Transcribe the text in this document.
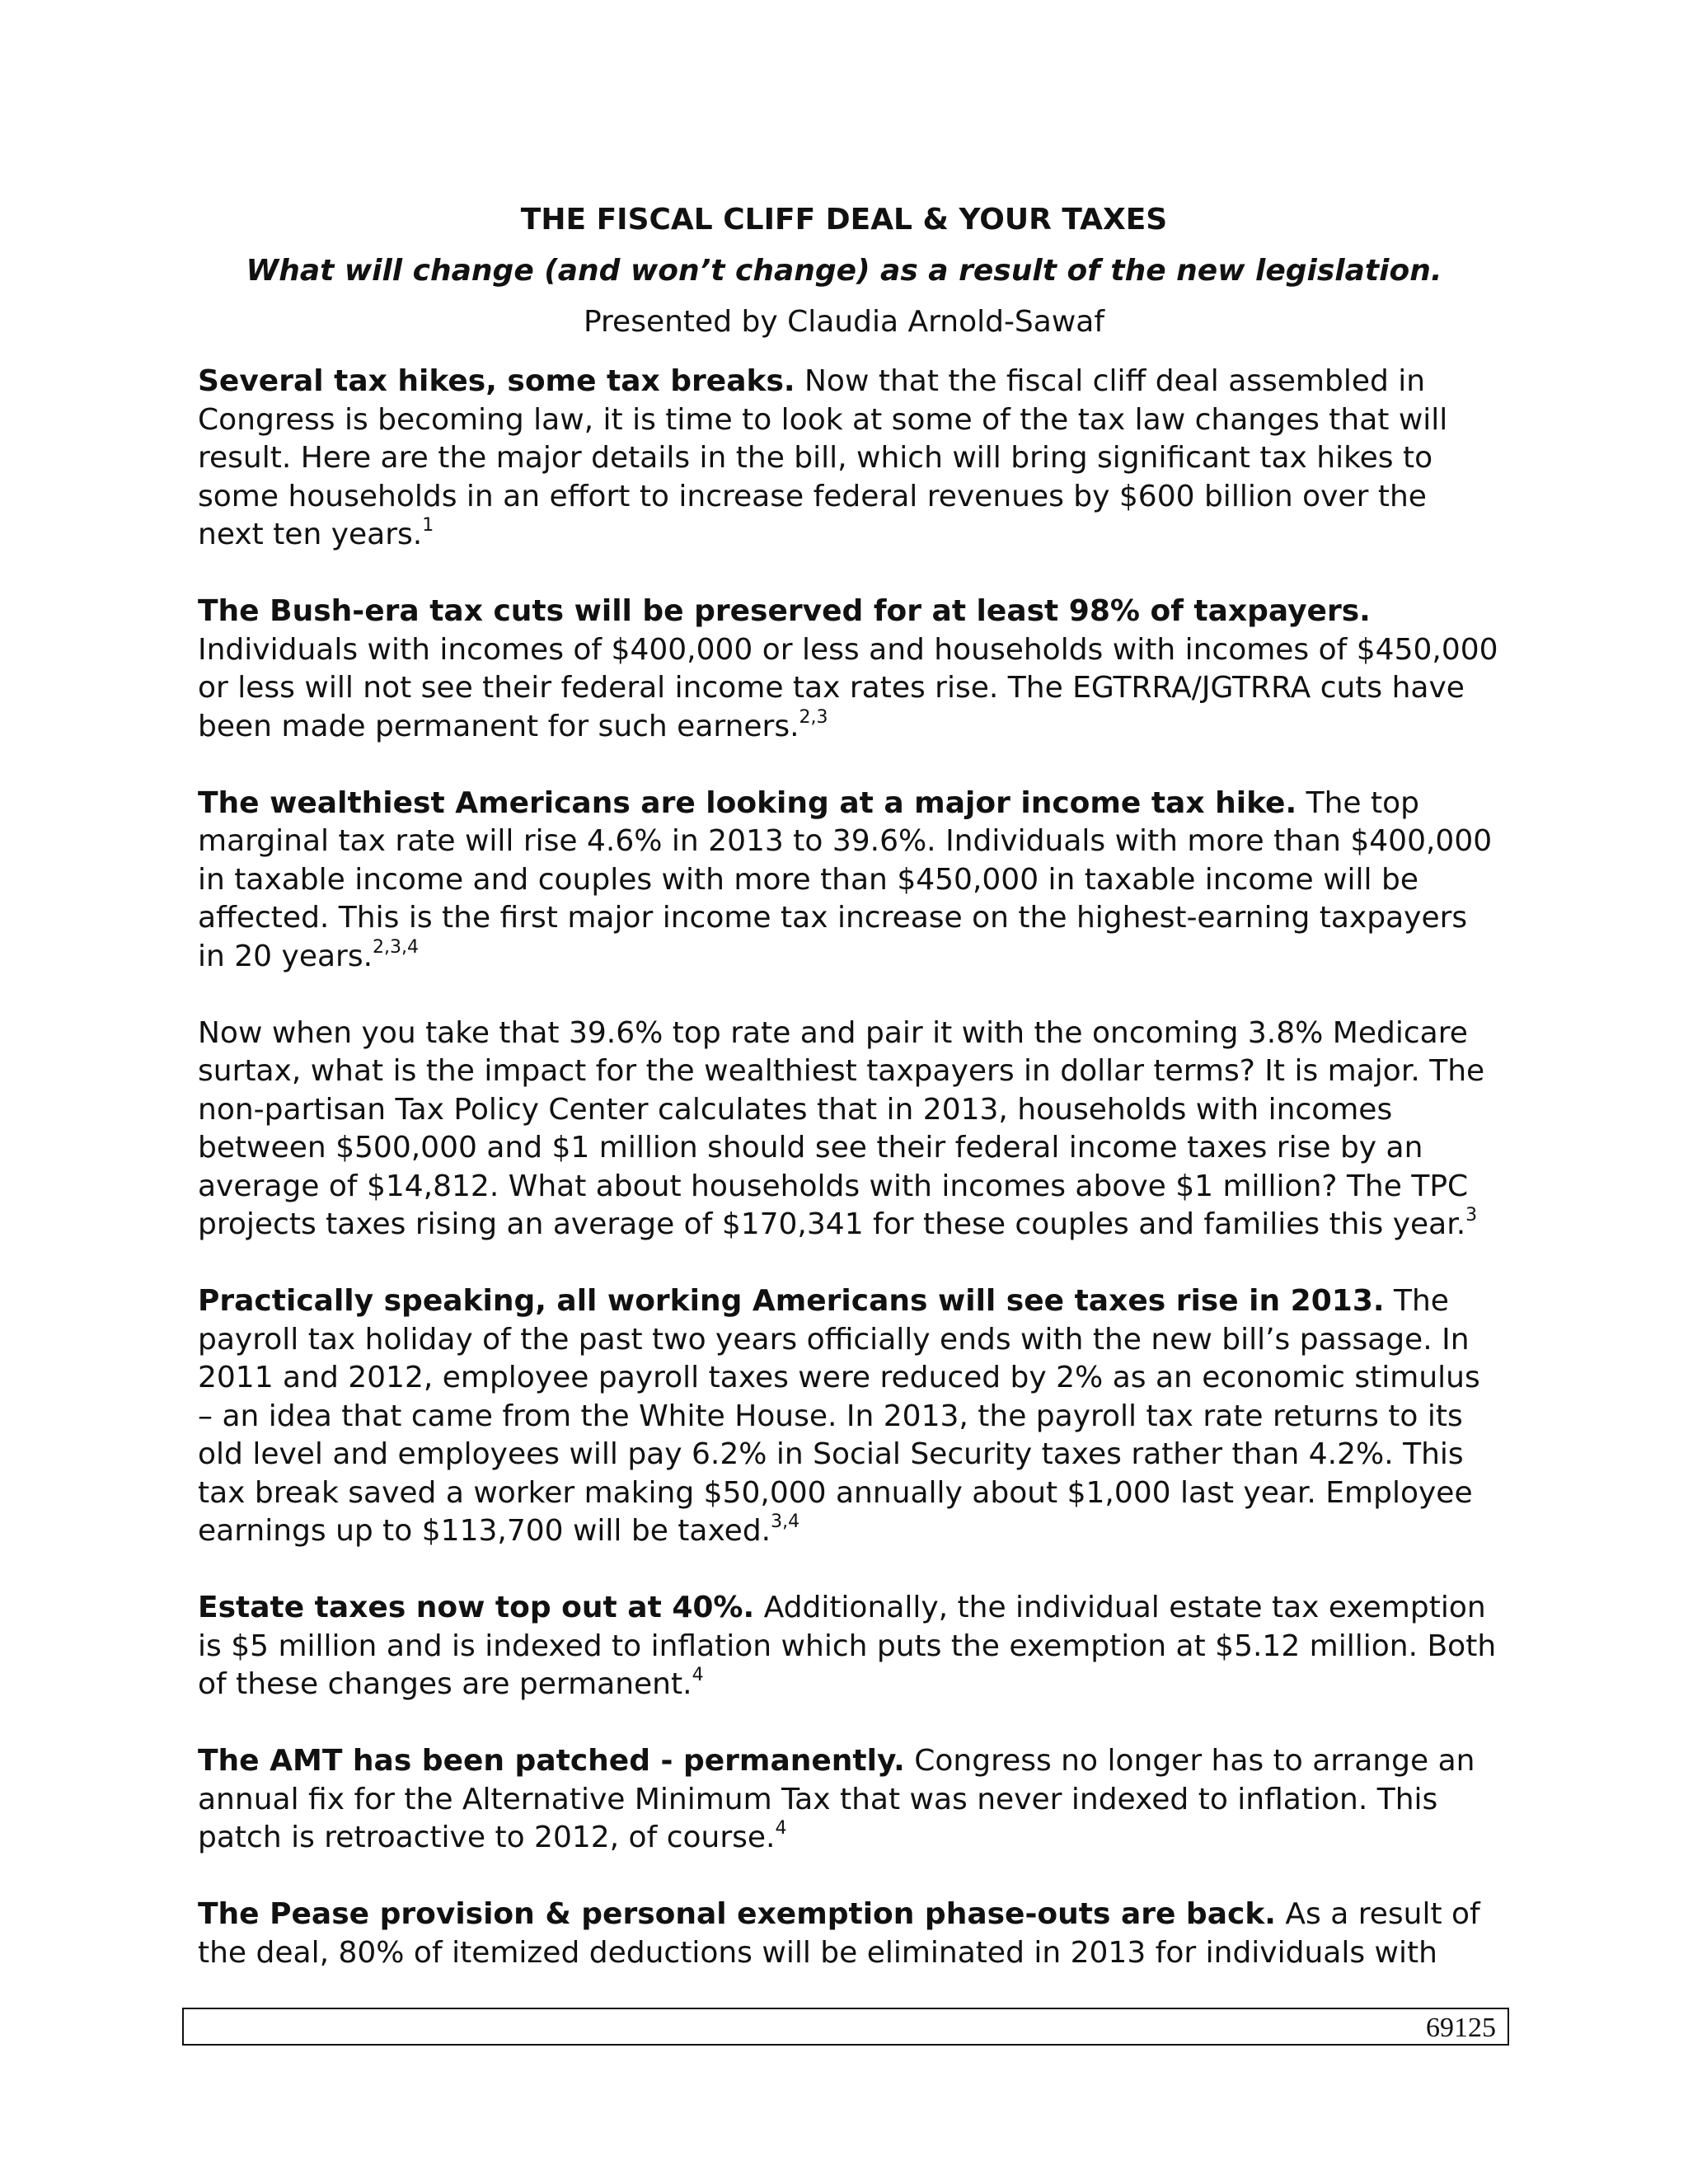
THE FISCAL CLIFF DEAL & YOUR TAXES

What will change (and won’t change) as a result of the new legislation.

Presented by Claudia Arnold-Sawaf

Several tax hikes, some tax breaks. Now that the fiscal cliff deal assembled in Congress is becoming law, it is time to look at some of the tax law changes that will result. Here are the major details in the bill, which will bring significant tax hikes to some households in an effort to increase federal revenues by $600 billion over the next ten years.$^1$

The Bush-era tax cuts will be preserved for at least 98% of taxpayers. Individuals with incomes of $400,000 or less and households with incomes of $450,000 or less will not see their federal income tax rates rise. The EGTRRA/JGTRRA cuts have been made permanent for such earners.$^{2,3}$

The wealthiest Americans are looking at a major income tax hike. The top marginal tax rate will rise 4.6% in 2013 to 39.6%. Individuals with more than $400,000 in taxable income and couples with more than $450,000 in taxable income will be affected. This is the first major income tax increase on the highest-earning taxpayers in 20 years.$^{2,3,4}$

Now when you take that 39.6% top rate and pair it with the oncoming 3.8% Medicare surtax, what is the impact for the wealthiest taxpayers in dollar terms? It is major. The non-partisan Tax Policy Center calculates that in 2013, households with incomes between $500,000 and $1 million should see their federal income taxes rise by an average of $14,812. What about households with incomes above $1 million? The TPC projects taxes rising an average of $170,341 for these couples and families this year.$^3$

Practically speaking, all working Americans will see taxes rise in 2013. The payroll tax holiday of the past two years officially ends with the new bill’s passage. In 2011 and 2012, employee payroll taxes were reduced by 2% as an economic stimulus – an idea that came from the White House. In 2013, the payroll tax rate returns to its old level and employees will pay 6.2% in Social Security taxes rather than 4.2%. This tax break saved a worker making $50,000 annually about $1,000 last year. Employee earnings up to $113,700 will be taxed.$^{3,4}$

Estate taxes now top out at 40%. Additionally, the individual estate tax exemption is $5 million and is indexed to inflation which puts the exemption at $5.12 million. Both of these changes are permanent.$^4$

The AMT has been patched - permanently. Congress no longer has to arrange an annual fix for the Alternative Minimum Tax that was never indexed to inflation. This patch is retroactive to 2012, of course.$^4$

The Pease provision & personal exemption phase-outs are back. As a result of the deal, 80% of itemized deductions will be eliminated in 2013 for individuals with

69125
